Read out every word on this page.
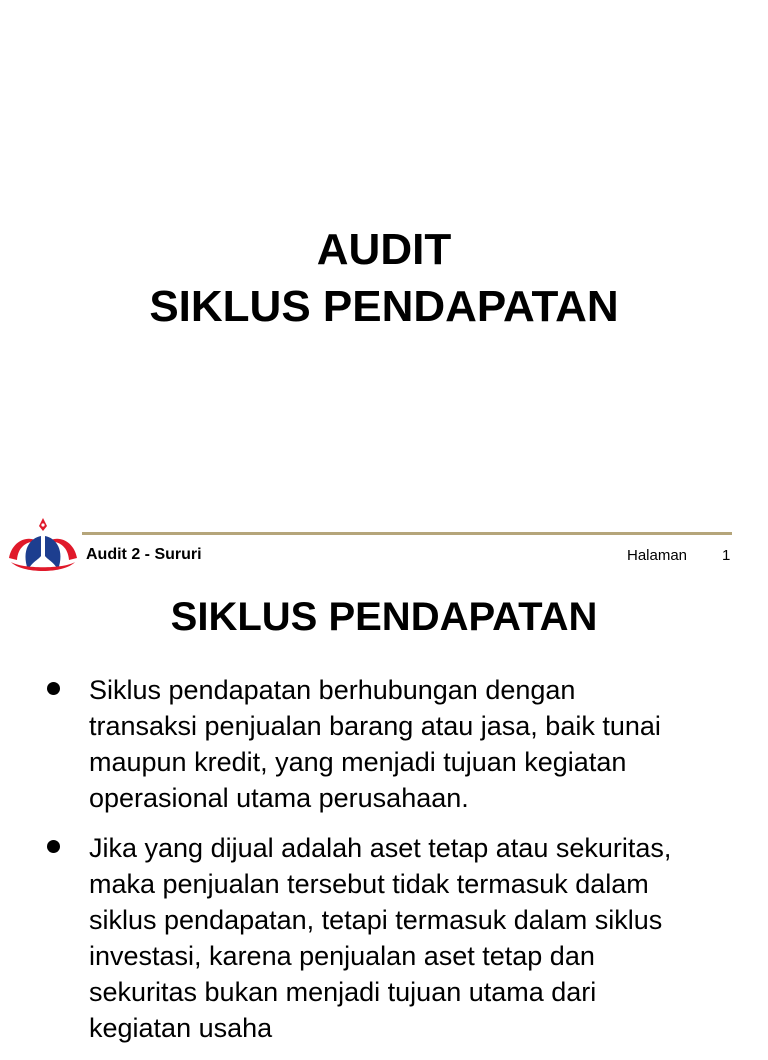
AUDIT
SIKLUS PENDAPATAN
Audit 2 - Sururi	Halaman 1
SIKLUS PENDAPATAN
Siklus pendapatan berhubungan dengan transaksi penjualan barang atau jasa, baik tunai maupun kredit, yang menjadi tujuan kegiatan operasional utama perusahaan.
Jika yang dijual adalah aset tetap atau sekuritas, maka penjualan tersebut tidak termasuk dalam siklus pendapatan, tetapi termasuk dalam siklus investasi, karena penjualan aset tetap dan sekuritas bukan menjadi tujuan utama dari kegiatan usaha
